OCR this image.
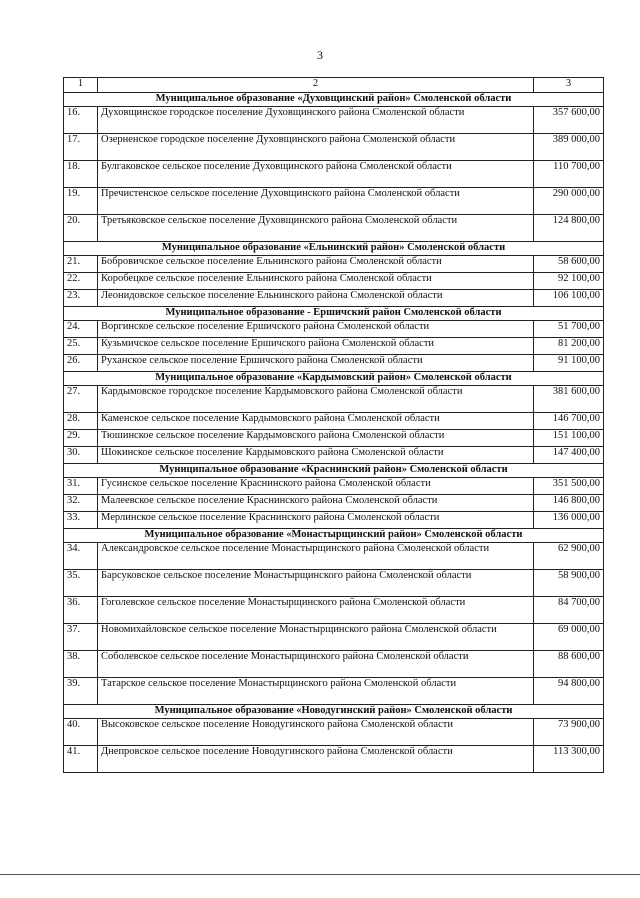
3
1	2	3
Муниципальное образование «Духовщинский район» Смоленской области		
16.	Духовщинское городское поселение Духовщинского района Смоленской области	357 600,00
17.	Озерненское городское поселение Духовщинского района Смоленской области	389 000,00
18.	Булгаковское сельское поселение Духовщинского района Смоленской области	110 700,00
19.	Пречистенское сельское поселение Духовщинского района Смоленской области	290 000,00
20.	Третьяковское сельское поселение Духовщинского района Смоленской области	124 800,00
Муниципальное образование «Ельнинский район» Смоленской области		
21.	Бобровичское сельское поселение Ельнинского района Смоленской области	58 600,00
22.	Коробецкое сельское поселение Ельнинского района Смоленской области	92 100,00
23.	Леонидовское сельское поселение Ельнинского района Смоленской области	106 100,00
Муниципальное образование - Ершичский район Смоленской области		
24.	Воргинское сельское поселение Ершичского района Смоленской области	51 700,00
25.	Кузьмичское сельское поселение Ершичского района Смоленской области	81 200,00
26.	Руханское сельское поселение Ершичского района Смоленской области	91 100,00
Муниципальное образование «Кардымовский район» Смоленской области		
27.	Кардымовское городское поселение Кардымовского района Смоленской области	381 600,00
28.	Каменское сельское поселение Кардымовского района Смоленской области	146 700,00
29.	Тюшинское сельское поселение Кардымовского района Смоленской области	151 100,00
30.	Шокинское сельское поселение Кардымовского района Смоленской области	147 400,00
Муниципальное образование «Краснинский район» Смоленской области		
31.	Гусинское сельское поселение Краснинского района Смоленской области	351 500,00
32.	Малеевское сельское поселение Краснинского района Смоленской области	146 800,00
33.	Мерлинское сельское поселение Краснинского района Смоленской области	136 000,00
Муниципальное образование «Монастырщинский район» Смоленской области		
34.	Александровское сельское поселение Монастырщинского района Смоленской области	62 900,00
35.	Барсуковское сельское поселение Монастырщинского района Смоленской области	58 900,00
36.	Гоголевское сельское поселение Монастырщинского района Смоленской области	84 700,00
37.	Новомихайловское сельское поселение Монастырщинского района Смоленской области	69 000,00
38.	Соболевское сельское поселение Монастырщинского района Смоленской области	88 600,00
39.	Татарское сельское поселение Монастырщинского района Смоленской области	94 800,00
Муниципальное образование «Новодугинский район» Смоленской области		
40.	Высоковское сельское поселение Новодугинского района Смоленской области	73 900,00
41.	Днепровское сельское поселение Новодугинского района Смоленской области	113 300,00
